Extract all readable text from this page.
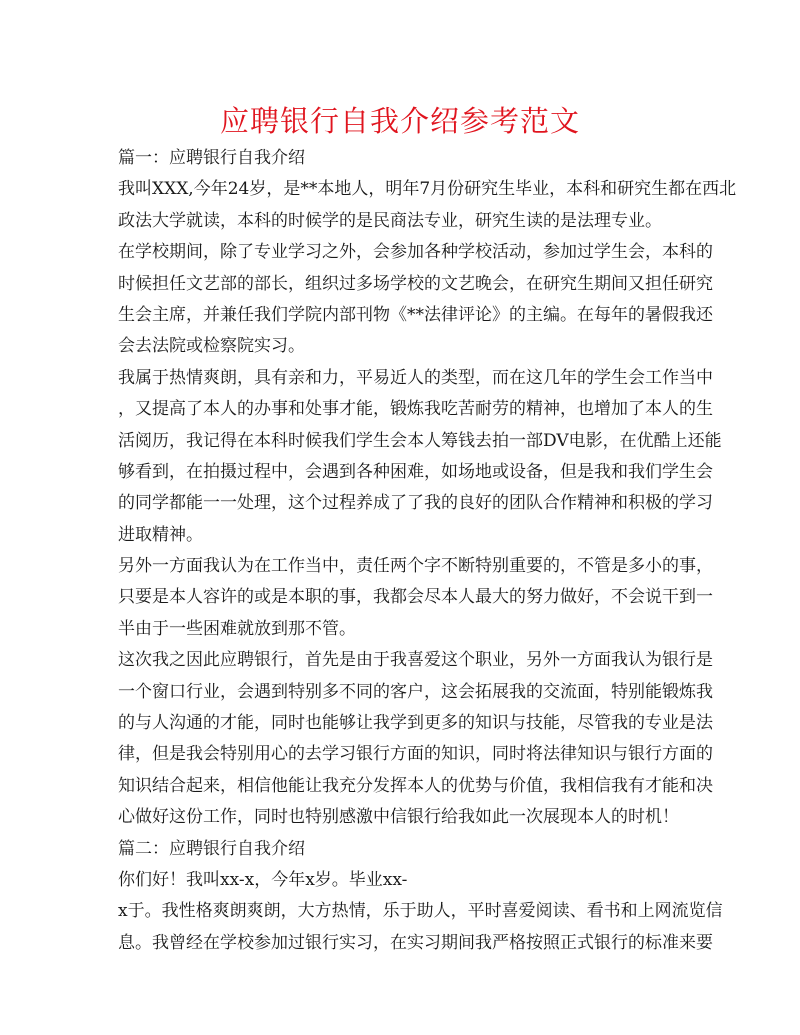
应聘银行自我介绍参考范文
篇一：应聘银行自我介绍
我叫XXX,今年24岁，是**本地人，明年7月份研究生毕业，本科和研究生都在西北
政法大学就读，本科的时候学的是民商法专业，研究生读的是法理专业。
在学校期间，除了专业学习之外，会参加各种学校活动，参加过学生会，本科的
时候担任文艺部的部长，组织过多场学校的文艺晚会，在研究生期间又担任研究
生会主席，并兼任我们学院内部刊物《**法律评论》的主编。在每年的暑假我还
会去法院或检察院实习。
我属于热情爽朗，具有亲和力，平易近人的类型，而在这几年的学生会工作当中
，又提高了本人的办事和处事才能，锻炼我吃苦耐劳的精神，也增加了本人的生
活阅历，我记得在本科时候我们学生会本人筹钱去拍一部DV电影，在优酷上还能
够看到，在拍摄过程中，会遇到各种困难，如场地或设备，但是我和我们学生会
的同学都能一一处理，这个过程养成了了我的良好的团队合作精神和积极的学习
进取精神。
另外一方面我认为在工作当中，责任两个字不断特别重要的，不管是多小的事，
只要是本人容许的或是本职的事，我都会尽本人最大的努力做好，不会说干到一
半由于一些困难就放到那不管。
这次我之因此应聘银行，首先是由于我喜爱这个职业，另外一方面我认为银行是
一个窗口行业，会遇到特别多不同的客户，这会拓展我的交流面，特别能锻炼我
的与人沟通的才能，同时也能够让我学到更多的知识与技能，尽管我的专业是法
律，但是我会特别用心的去学习银行方面的知识，同时将法律知识与银行方面的
知识结合起来，相信他能让我充分发挥本人的优势与价值，我相信我有才能和决
心做好这份工作，同时也特别感激中信银行给我如此一次展现本人的时机！
篇二：应聘银行自我介绍
你们好！我叫xx-x，今年x岁。毕业xx-
x于。我性格爽朗爽朗，大方热情，乐于助人，平时喜爱阅读、看书和上网流览信
息。我曾经在学校参加过银行实习，在实习期间我严格按照正式银行的标准来要
